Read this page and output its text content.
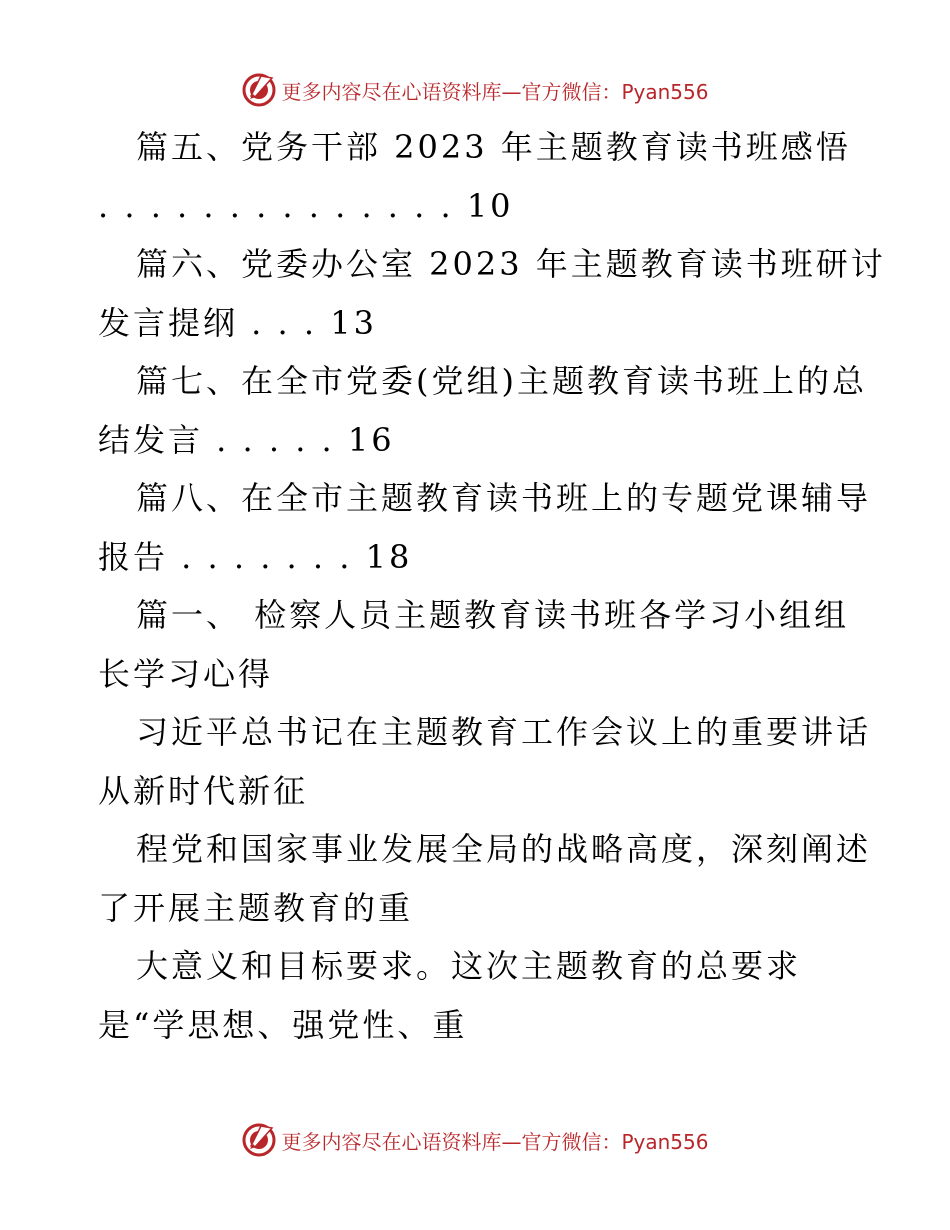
更多内容尽在心语资料库—官方微信：Pyan556
篇五、党务干部 2023 年主题教育读书班感悟
. . . . . . . . . . . . . . 10
篇六、党委办公室 2023 年主题教育读书班研讨
发言提纲 . . . 13
篇七、在全市党委(党组)主题教育读书班上的总
结发言 . . . . . 16
篇八、在全市主题教育读书班上的专题党课辅导
报告 . . . . . . . 18
篇一、 检察人员主题教育读书班各学习小组组
长学习心得
习近平总书记在主题教育工作会议上的重要讲话
从新时代新征
程党和国家事业发展全局的战略高度，深刻阐述
了开展主题教育的重
大意义和目标要求。这次主题教育的总要求
是“学思想、强党性、重
更多内容尽在心语资料库—官方微信：Pyan556
